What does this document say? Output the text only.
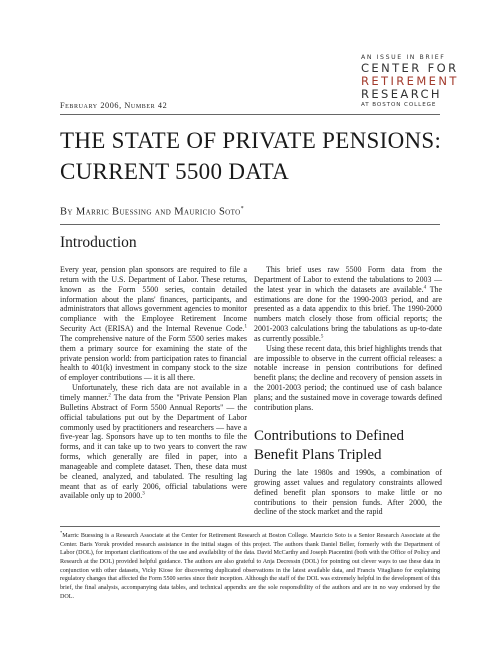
AN ISSUE IN BRIEF
CENTER FOR
RETIREMENT
RESEARCH
AT BOSTON COLLEGE
February 2006, Number 42
THE STATE OF PRIVATE PENSIONS:
CURRENT 5500 DATA
By Marric Buessing and Mauricio Soto*
Introduction

Every year, pension plan sponsors are required to file a return with the U.S. Department of Labor. These returns, known as the Form 5500 series, contain detailed information about the plans' finances, participants, and administrators that allows government agencies to monitor compliance with the Employee Retirement Income Security Act (ERISA) and the Internal Revenue Code.$^1$ The comprehensive nature of the Form 5500 series makes them a primary source for examining the state of the private pension world: from participation rates to financial health to 401(k) investment in company stock to the size of employer contributions — it is all there.

Unfortunately, these rich data are not available in a timely manner.$^2$ The data from the "Private Pension Plan Bulletins Abstract of Form 5500 Annual Reports" — the official tabulations put out by the Department of Labor commonly used by practitioners and researchers — have a five-year lag. Sponsors have up to ten months to file the forms, and it can take up to two years to convert the raw forms, which generally are filed in paper, into a manageable and complete dataset. Then, these data must be cleaned, analyzed, and tabulated. The resulting lag meant that as of early 2006, official tabulations were available only up to 2000.$^3$

This brief uses raw 5500 Form data from the Department of Labor to extend the tabulations to 2003 — the latest year in which the datasets are available.$^4$ The estimations are done for the 1990-2003 period, and are presented as a data appendix to this brief. The 1990-2000 numbers match closely those from official reports; the 2001-2003 calculations bring the tabulations as up-to-date as currently possible.$^5$

Using these recent data, this brief highlights trends that are impossible to observe in the current official releases: a notable increase in pension contributions for defined benefit plans; the decline and recovery of pension assets in the 2001-2003 period; the continued use of cash balance plans; and the sustained move in coverage towards defined contribution plans.

Contributions to Defined Benefit Plans Tripled

During the late 1980s and 1990s, a combination of growing asset values and regulatory constraints allowed defined benefit plan sponsors to make little or no contributions to their pension funds. After 2000, the decline of the stock market and the rapid

*Marric Buessing is a Research Associate at the Center for Retirement Research at Boston College. Mauricio Soto is a Senior Research Associate at the Center. Baris Yoruk provided research assistance in the initial stages of this project. The authors thank Daniel Beller, formerly with the Department of Labor (DOL), for important clarifications of the use and availability of the data. David McCarthy and Joseph Piacentini (both with the Office of Policy and Research at the DOL) provided helpful guidance. The authors are also grateful to Anja Decressin (DOL) for pointing out clever ways to use these data in conjunction with other datasets, Vicky Kiose for discovering duplicated observations in the latest available data, and Francis Vitagliano for explaining regulatory changes that affected the Form 5500 series since their inception. Although the staff of the DOL was extremely helpful in the development of this brief, the final analysis, accompanying data tables, and technical appendix are the sole responsibility of the authors and are in no way endorsed by the DOL.
